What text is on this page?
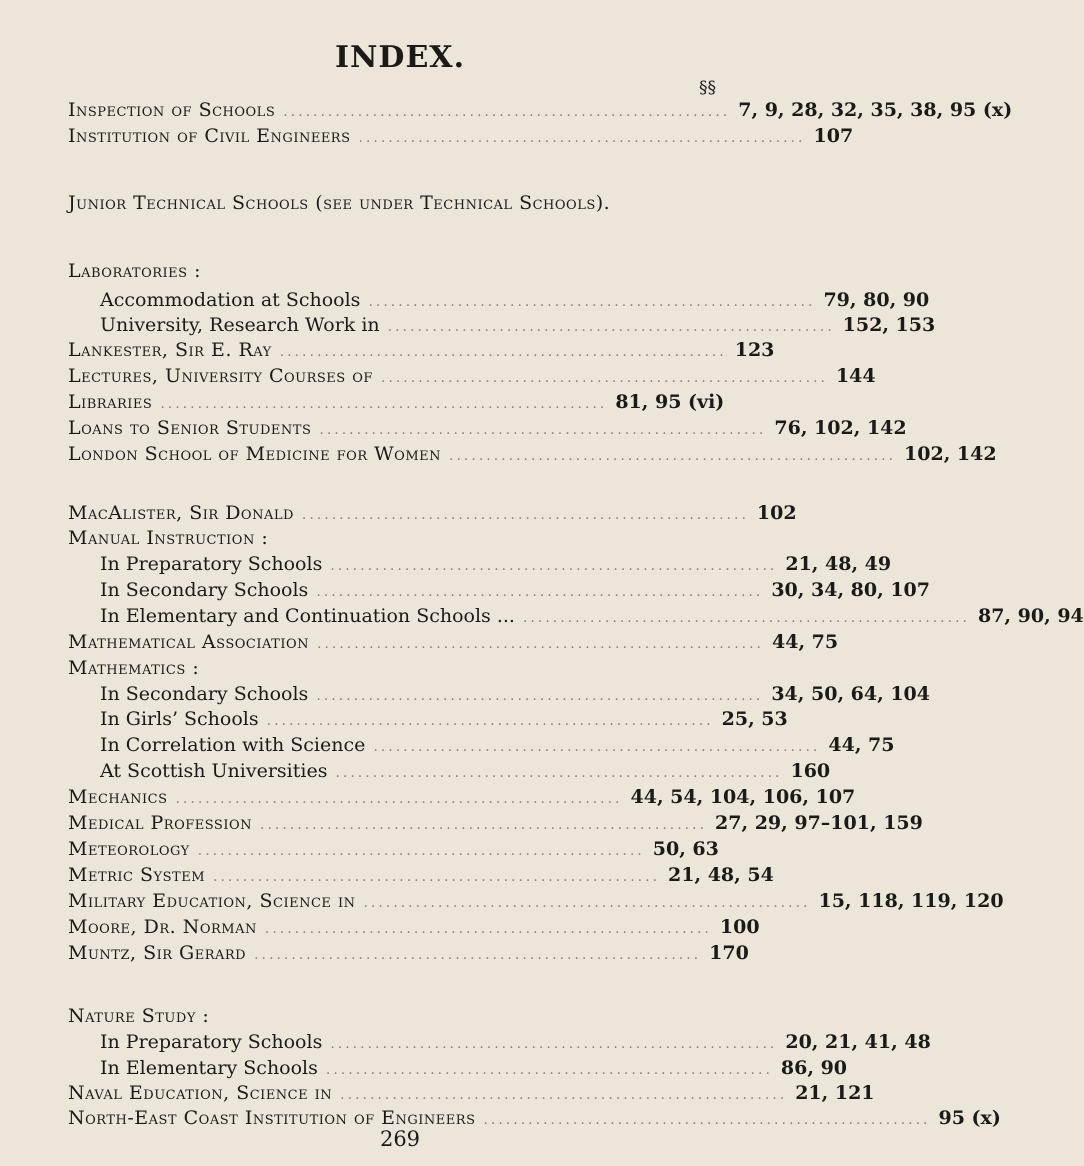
INDEX.
§§
Inspection of Schools ............................................................ 7, 9, 28, 32, 35, 38, 95 (x)
Institution of Civil Engineers ............................................................ 107
Junior Technical Schools (see under Technical Schools).
Laboratories :
Accommodation at Schools ............................................................ 79, 80, 90
University, Research Work in ............................................................ 152, 153
Lankester, Sir E. Ray ............................................................ 123
Lectures, University Courses of ............................................................ 144
Libraries ............................................................ 81, 95 (vi)
Loans to Senior Students ............................................................ 76, 102, 142
London School of Medicine for Women ............................................................ 102, 142
MacAlister, Sir Donald ............................................................ 102
Manual Instruction :
In Preparatory Schools ............................................................ 21, 48, 49
In Secondary Schools ............................................................ 30, 34, 80, 107
In Elementary and Continuation Schools ... ............................................................ 87, 90, 94
Mathematical Association ............................................................ 44, 75
Mathematics :
In Secondary Schools ............................................................ 34, 50, 64, 104
In Girls’ Schools ............................................................ 25, 53
In Correlation with Science ............................................................ 44, 75
At Scottish Universities ............................................................ 160
Mechanics ............................................................ 44, 54, 104, 106, 107
Medical Profession ............................................................ 27, 29, 97–101, 159
Meteorology ............................................................ 50, 63
Metric System ............................................................ 21, 48, 54
Military Education, Science in ............................................................ 15, 118, 119, 120
Moore, Dr. Norman ............................................................ 100
Muntz, Sir Gerard ............................................................ 170
Nature Study :
In Preparatory Schools ............................................................ 20, 21, 41, 48
In Elementary Schools ............................................................ 86, 90
Naval Education, Science in ............................................................ 21, 121
North-East Coast Institution of Engineers ............................................................ 95 (x)
269
